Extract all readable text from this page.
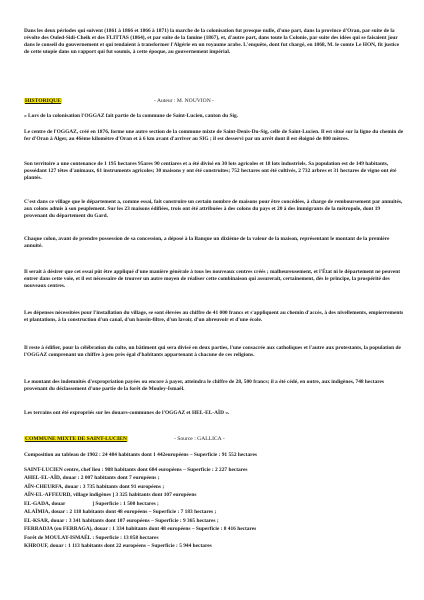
Dans les deux périodes qui suivent (1861 à 1866 et 1866 à 1871) la marche de la colonisation fut presque nulle, d'une part, dans la province d'Oran, par suite de la révolte des Ouled-Sidi-Cheik et des FLITTAS (1864), et par suite de la famine (1867), et, d'autre part, dans toute la Colonie, par suite des idées qui se faisaient jour dans le conseil du gouvernement et qui tendaient à transformer l'Algérie en un royaume arabe. L'enquête, dont fut chargé, en 1868, M. le comte Le HON, fit justice de cette utopie dans un rapport qui fut soumis, à cette époque, au gouvernement impérial.

HISTORIQUE	- Auteur : M. NOUVION -

« Lors de la colonisation l'OGGAZ fait partie de la commune de Saint-Lucien, canton du Sig.

Le centre de l'OGGAZ, créé en 1876, forme une autre section de la commune mixte de Saint-Denis-Du-Sig, celle de Saint-Lucien. Il est situé sur la ligne du chemin de fer d'Oran à Alger, au 46ème kilomètre d'Oran et à 6 km avant d'arriver au SIG ; il est desservi par un arrêt dont il est éloigné de 800 mètres.

Son territoire a une contenance de 1 195 hectares 95ares 90 centiares et a été divisé en 30 lots agricoles et 18 lots industriels. Sa population est de 149 habitants, possédant 127 têtes d'animaux, 61 instruments agricoles; 30 maisons y ont été construites; 752 hectares ont été cultivés, 2 732 arbres et 31 hectares de vigne ont été plantés.

C'est dans ce village que le département a, comme essai, fait construire un certain nombre de maisons pour être concédées, à charge de remboursement par annuités, aux colons admis à son peuplement. Sur les 23 maisons édifiées, trois ont été attribuées à des colons du pays et 20 à des immigrants de la métropole, dont 19 provenant du département du Gard.

Chaque colon, avant de prendre possession de sa concession, a déposé à la Banque un dixième de la valeur de la maison, représentant le montant de la première annuité.

Il serait à désirer que cet essai pût être appliqué d'une manière générale à tous les nouveaux centres créés ; malheureusement, et l'État ni le département ne peuvent entrer dans cette voie, et il est nécessaire de trouver un autre moyen de réaliser cette combinaison qui assurerait, certainement, dès le principe, la prospérité des nouveaux centres.

Les dépenses nécessitées pour l'installation du village, se sont élevées au chiffre de 41 000 francs et s'appliquent au chemin d'accès, à des nivellements, empierrements et plantations, à la construction d'un canal, d'un bassin-filtre, d'un lavoir, d'un abreuvoir et d'une école.

Il reste à édifier, pour la célébration du culte, un bâtiment qui sera divisé en deux parties, l'une consacrée aux catholiques et l'autre aux protestants, la population de l'OGGAZ comprenant un chiffre à peu près égal d'habitants appartenant à chacune de ces religions.

Le montant des indemnités d'expropriation payées ou encore à payer, atteindra le chiffre de 28, 500 francs; il a été cédé, en outre, aux indigènes, 748 hectares provenant du déclassement d'une partie de la forêt de Mouley-Ismaël.

Les terrains ont été expropriés sur les douars-communes de l'OGGAZ et HEL-EL-AÏD ».

COMMUNE MIXTE DE SAINT-LUCIEN	- Source : GALLICA -
Composition au tableau de 1902 : 24 484 habitants dont 1 442européens – Superficie : 91 552 hectares
SAINT-LUCIEN centre, chef lieu : 988 habitants dont 684 européens – Superficie : 2 227 hectares
AHEL-EL-AÏD, douar : 2 007 habitants dont 7 européens ;
AÏN-CHEURFA, douar : 3 735 habitants dont 91 européens ;
AÏN-EL-AFFEURD, village indigènes ] 3 325 habitants dont 107 européens
EL-GADA, douar                    ] Superficie : 1 500 hectares ;
ALAÏMIA, douar : 2 118 habitants dont 48 européens – Superficie : 7 183 hectares ;
EL-KSAR, douar : 3 341 habitants dont 107 européens – Superficie : 9 365 hectares ;
FERRADJA (ou FERRAGA), douar : 1 334 habitants dont 48 européens – Superficie : 8 416 hectares
Forêt de MOULAY-ISMAËL : Superficie : 13 858 hectares
KHROUF, douar : 1 113 habitants dont 22 européens – Superficie : 5 944 hectares
